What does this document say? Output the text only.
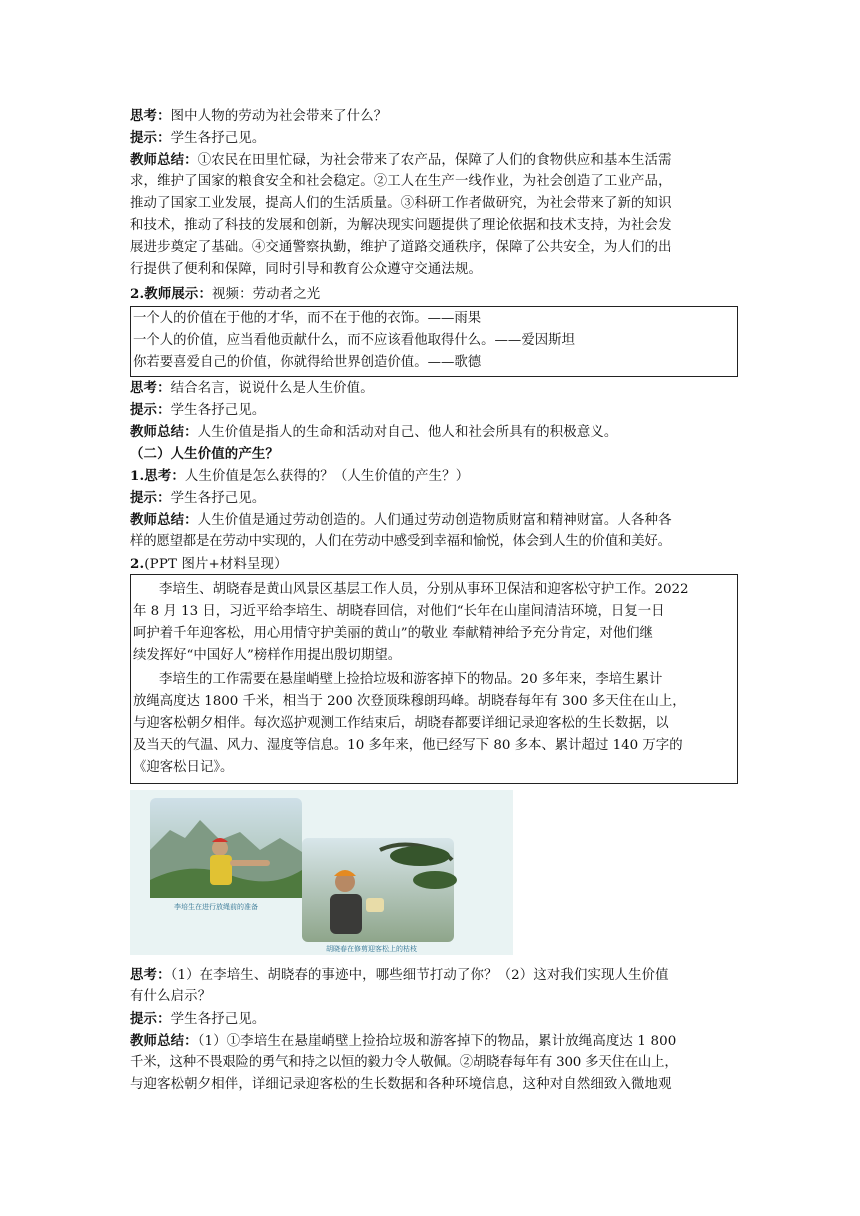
思考：图中人物的劳动为社会带来了什么？
提示：学生各抒己见。
教师总结：①农民在田里忙碌，为社会带来了农产品，保障了人们的食物供应和基本生活需
求，维护了国家的粮食安全和社会稳定。②工人在生产一线作业，为社会创造了工业产品，
推动了国家工业发展，提高人们的生活质量。③科研工作者做研究，为社会带来了新的知识
和技术，推动了科技的发展和创新，为解决现实问题提供了理论依据和技术支持，为社会发
展进步奠定了基础。④交通警察执勤，维护了道路交通秩序，保障了公共安全，为人们的出
行提供了便利和保障，同时引导和教育公众遵守交通法规。
2.教师展示：视频：劳动者之光
一个人的价值在于他的才华，而不在于他的衣饰。——雨果
一个人的价值，应当看他贡献什么，而不应该看他取得什么。——爱因斯坦
你若要喜爱自己的价值，你就得给世界创造价值。——歌德
思考：结合名言，说说什么是人生价值。
提示：学生各抒己见。
教师总结：人生价值是指人的生命和活动对自己、他人和社会所具有的积极意义。
（二）人生价值的产生？
1.思考：人生价值是怎么获得的？（人生价值的产生？）
提示：学生各抒己见。
教师总结：人生价值是通过劳动创造的。人们通过劳动创造物质财富和精神财富。人各种各
样的愿望都是在劳动中实现的，人们在劳动中感受到幸福和愉悦，体会到人生的价值和美好。
2.(PPT 图片+材料呈现）
李培生、胡晓春是黄山风景区基层工作人员，分别从事环卫保洁和迎客松守护工作。2022
年 8 月 13 日，习近平给李培生、胡晓春回信，对他们“长年在山崖间清洁环境，日复一日
呵护着千年迎客松，用心用情守护美丽的黄山”的敬业 奉献精神给予充分肯定，对他们继
续发挥好“中国好人”榜样作用提出殷切期望。
李培生的工作需要在悬崖峭壁上捡拾垃圾和游客掉下的物品。20 多年来，李培生累计
放绳高度达 1800 千米，相当于 200 次登顶珠穆朗玛峰。胡晓春每年有 300 多天住在山上，
与迎客松朝夕相伴。每次巡护观测工作结束后，胡晓春都要详细记录迎客松的生长数据，以
及当天的气温、风力、湿度等信息。10 多年来，他已经写下 80 多本、累计超过 140 万字的
《迎客松日记》。
李培生在进行放绳前的准备
胡晓春在修剪迎客松上的枯枝
思考：（1）在李培生、胡晓春的事迹中，哪些细节打动了你？（2）这对我们实现人生价值
有什么启示？
提示：学生各抒己见。
教师总结：（1）①李培生在悬崖峭壁上捡拾垃圾和游客掉下的物品，累计放绳高度达 1 800
千米，这种不畏艰险的勇气和持之以恒的毅力令人敬佩。②胡晓春每年有 300 多天住在山上，
与迎客松朝夕相伴，详细记录迎客松的生长数据和各种环境信息，这种对自然细致入微地观
